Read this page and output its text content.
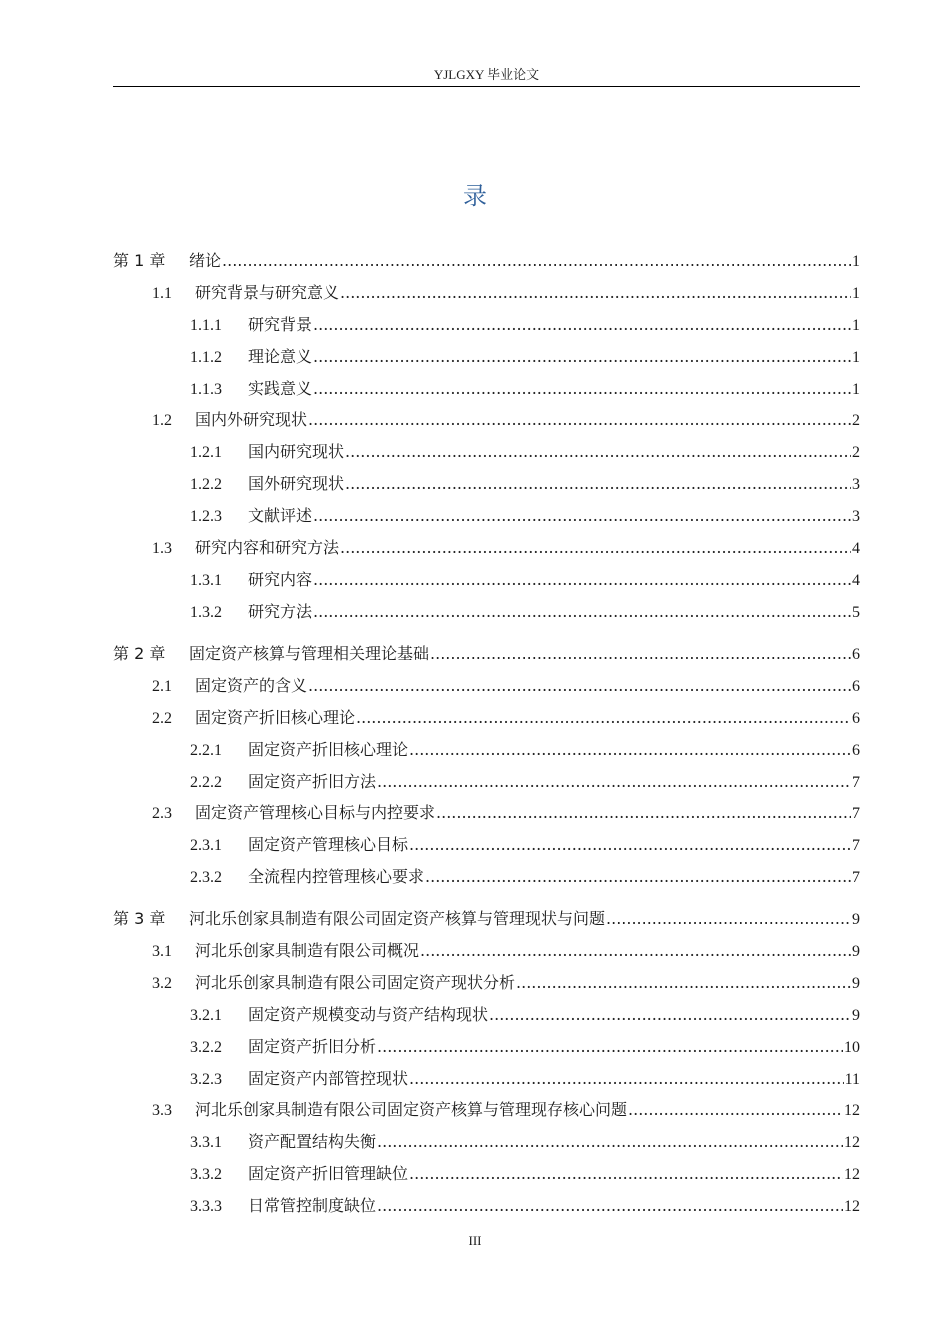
YJLGXY 毕业论文
录
第 1 章 绪论 .....	1
1.1 研究背景与研究意义 .....	1
1.1.1 研究背景 .....	1
1.1.2 理论意义 .....	1
1.1.3 实践意义 .....	1
1.2 国内外研究现状 .....	2
1.2.1 国内研究现状 .....	2
1.2.2 国外研究现状 .....	3
1.2.3 文献评述 .....	3
1.3 研究内容和研究方法 .....	4
1.3.1 研究内容 .....	4
1.3.2 研究方法 .....	5
第 2 章 固定资产核算与管理相关理论基础 .....	6
2.1 固定资产的含义 .....	6
2.2 固定资产折旧核心理论 .....	6
2.2.1 固定资产折旧核心理论 .....	6
2.2.2 固定资产折旧方法 .....	7
2.3 固定资产管理核心目标与内控要求 .....	7
2.3.1 固定资产管理核心目标 .....	7
2.3.2 全流程内控管理核心要求 .....	7
第 3 章 河北乐创家具制造有限公司固定资产核算与管理现状与问题 .....	9
3.1 河北乐创家具制造有限公司概况 .....	9
3.2 河北乐创家具制造有限公司固定资产现状分析 .....	9
3.2.1 固定资产规模变动与资产结构现状 .....	9
3.2.2 固定资产折旧分析 .....	10
3.2.3 固定资产内部管控现状 .....	11
3.3 河北乐创家具制造有限公司固定资产核算与管理现存核心问题 .....	12
3.3.1 资产配置结构失衡 .....	12
3.3.2 固定资产折旧管理缺位 .....	12
3.3.3 日常管控制度缺位 .....	12
III
